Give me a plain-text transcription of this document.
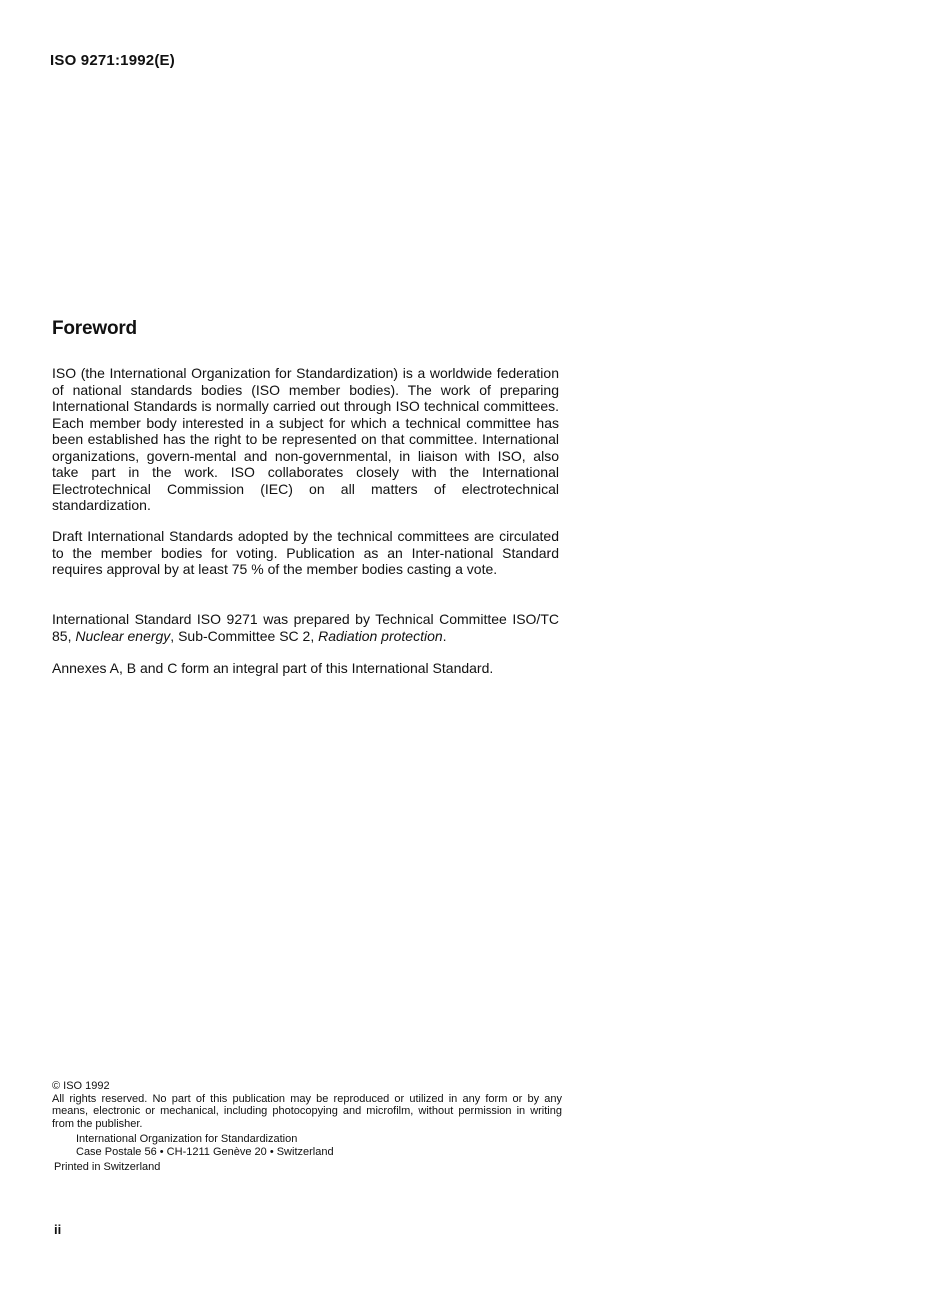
ISO 9271:1992(E)
Foreword

ISO (the International Organization for Standardization) is a worldwide federation of national standards bodies (ISO member bodies). The work of preparing International Standards is normally carried out through ISO technical committees. Each member body interested in a subject for which a technical committee has been established has the right to be represented on that committee. International organizations, govern-mental and non-governmental, in liaison with ISO, also take part in the work. ISO collaborates closely with the International Electrotechnical Commission (IEC) on all matters of electrotechnical standardization.

Draft International Standards adopted by the technical committees are circulated to the member bodies for voting. Publication as an Inter-national Standard requires approval by at least 75 % of the member bodies casting a vote.

International Standard ISO 9271 was prepared by Technical Committee ISO/TC 85, Nuclear energy, Sub-Committee SC 2, Radiation protection.

Annexes A, B and C form an integral part of this International Standard.

© ISO 1992
All rights reserved. No part of this publication may be reproduced or utilized in any form or by any means, electronic or mechanical, including photocopying and microfilm, without permission in writing from the publisher.
International Organization for Standardization
Case Postale 56 • CH-1211 Genève 20 • Switzerland
Printed in Switzerland
ii
